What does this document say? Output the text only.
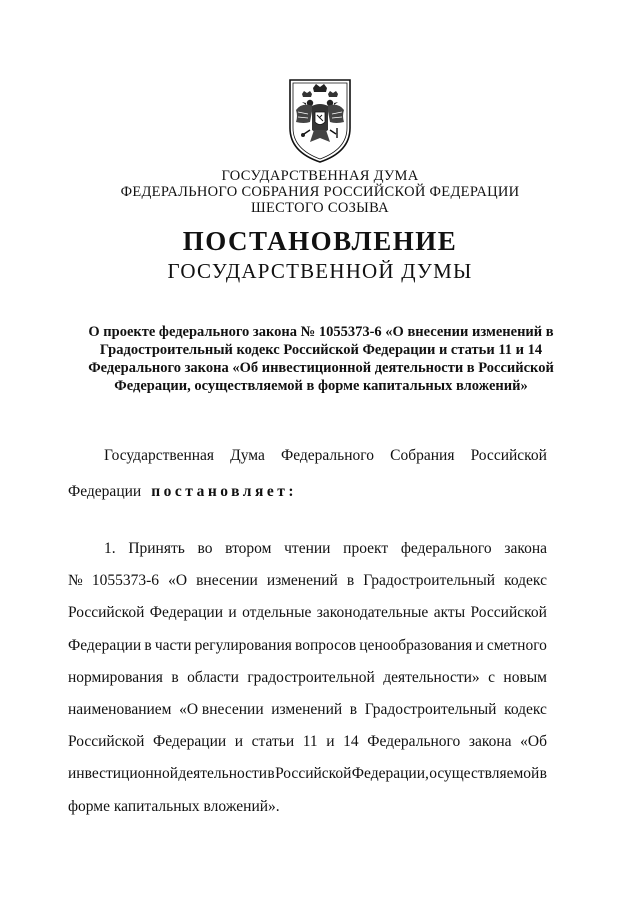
ГОСУДАРСТВЕННАЯ ДУМА
ФЕДЕРАЛЬНОГО СОБРАНИЯ РОССИЙСКОЙ ФЕДЕРАЦИИ
ШЕСТОГО СОЗЫВА
ПОСТАНОВЛЕНИЕ
ГОСУДАРСТВЕННОЙ ДУМЫ
О проекте федерального закона № 1055373-6 «О внесении изменений в
Градостроительный кодекс Российской Федерации и статьи 11 и 14
Федерального закона «Об инвестиционной деятельности в Российской
Федерации, осуществляемой в форме капитальных вложений»
Государственная Дума Федерального Собрания Российской
Федерации постановляет:
1. Принять во втором чтении проект федерального закона
№ 1055373-6 «О внесении изменений в Градостроительный кодекс
Российской Федерации и отдельные законодательные акты Российской
Федерации в части регулирования вопросов ценообразования и сметного
нормирования в области градостроительной деятельности» с новым
наименованием «О внесении изменений в Градостроительный кодекс
Российской Федерации и статьи 11 и 14 Федерального закона «Об
инвестиционной деятельности в Российской Федерации, осуществляемой в
форме капитальных вложений».
